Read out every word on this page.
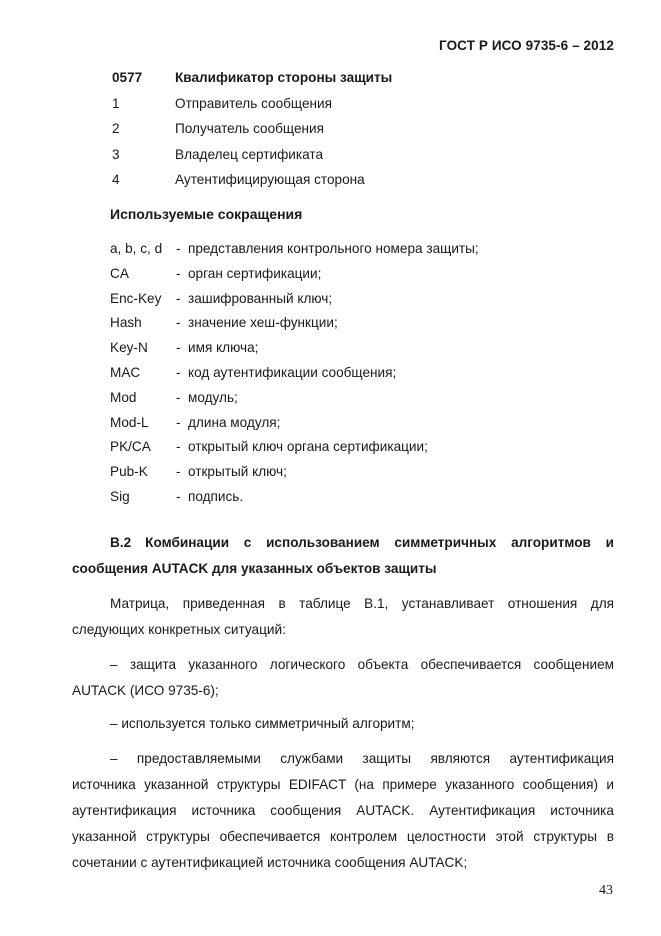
ГОСТ Р ИСО 9735-6 – 2012
0577	Квалификатор стороны защиты
1	Отправитель сообщения
2	Получатель сообщения
3	Владелец сертификата
4	Аутентифицирующая сторона
Используемые сокращения
a, b, c, d	- представления контрольного номера защиты;
CA	- орган сертификации;
Enc-Key	- зашифрованный ключ;
Hash	- значение хеш-функции;
Key-N	- имя ключа;
MAC	- код аутентификации сообщения;
Mod	- модуль;
Mod-L	- длина модуля;
PK/CA	- открытый ключ органа сертификации;
Pub-K	- открытый ключ;
Sig	- подпись.
В.2 Комбинации с использованием симметричных алгоритмов и
сообщения AUTACK для указанных объектов защиты
Матрица, приведенная в таблице В.1, устанавливает отношения для
следующих конкретных ситуаций:
– защита указанного логического объекта обеспечивается сообщением
AUTACK (ИСО 9735-6);
– используется только симметричный алгоритм;
– предоставляемыми службами защиты являются аутентификация
источника указанной структуры EDIFACT (на примере указанного сообщения) и
аутентификация источника сообщения AUTACK. Аутентификация источника
указанной структуры обеспечивается контролем целостности этой структуры в
сочетании с аутентификацией источника сообщения AUTACK;
43
